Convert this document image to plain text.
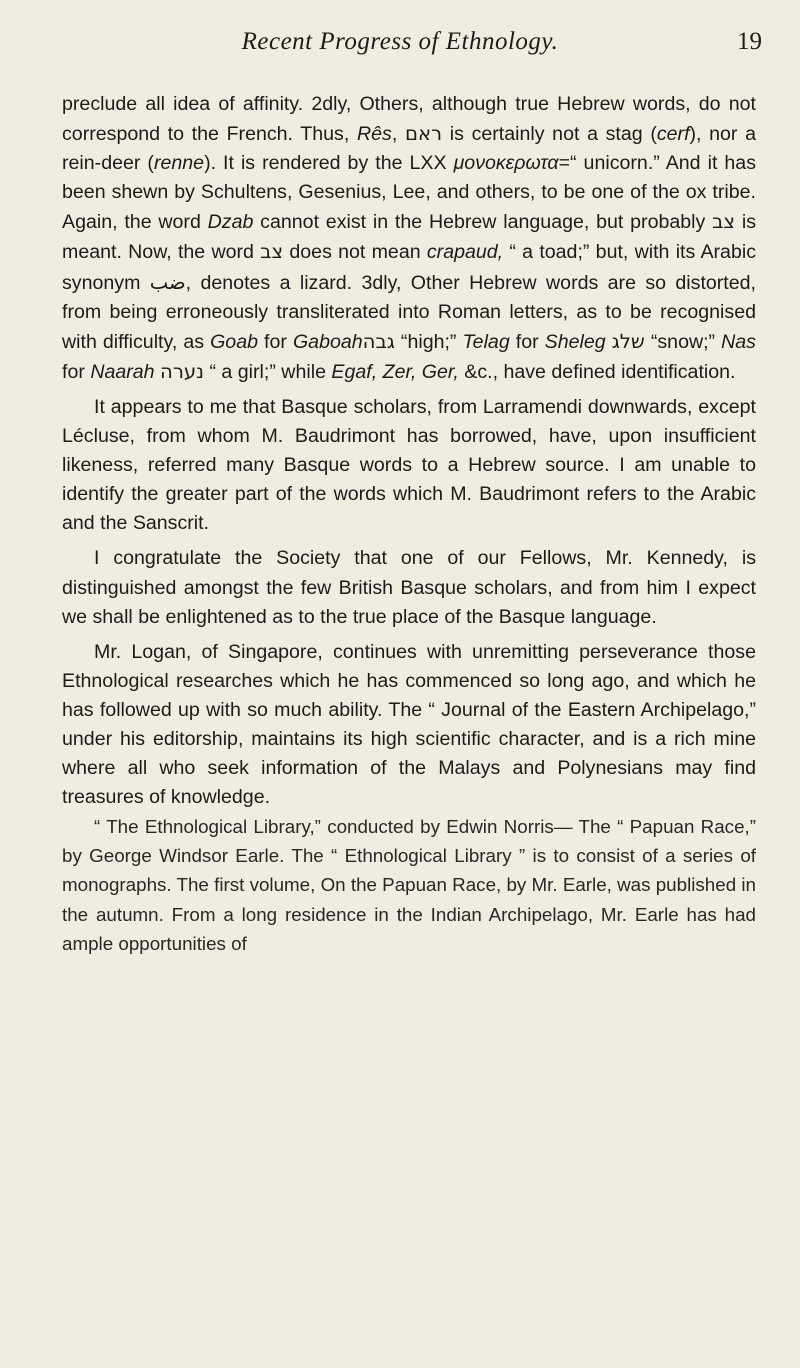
Recent Progress of Ethnology.	19

preclude all idea of affinity. 2dly, Others, although true Hebrew words, do not correspond to the French. Thus, Rês, ראם is certainly not a stag (cerf), nor a rein-deer (renne). It is rendered by the LXX μονοκερωτα=“ unicorn.” And it has been shewn by Schultens, Gesenius, Lee, and others, to be one of the ox tribe. Again, the word Dzab cannot exist in the Hebrew language, but probably צב is meant. Now, the word צב does not mean crapaud, “ a toad;” but, with its Arabic synonym ضب, denotes a lizard. 3dly, Other Hebrew words are so distorted, from being erroneously transliterated into Roman letters, as to be recognised with difficulty, as Goab for Gaboahגבה “high;” Telag for Sheleg שלג “snow;” Nas for Naarah נערה “ a girl;” while Egaf, Zer, Ger, &c., have defined identification.

It appears to me that Basque scholars, from Larramendi downwards, except Lécluse, from whom M. Baudrimont has borrowed, have, upon insufficient likeness, referred many Basque words to a Hebrew source. I am unable to identify the greater part of the words which M. Baudrimont refers to the Arabic and the Sanscrit.

I congratulate the Society that one of our Fellows, Mr. Kennedy, is distinguished amongst the few British Basque scholars, and from him I expect we shall be enlightened as to the true place of the Basque language.

Mr. Logan, of Singapore, continues with unremitting perseverance those Ethnological researches which he has commenced so long ago, and which he has followed up with so much ability. The “ Journal of the Eastern Archipelago,” under his editorship, maintains its high scientific character, and is a rich mine where all who seek information of the Malays and Polynesians may find treasures of knowledge.

“ The Ethnological Library,” conducted by Edwin Norris— The “ Papuan Race,” by George Windsor Earle. The “ Ethnological Library ” is to consist of a series of monographs. The first volume, On the Papuan Race, by Mr. Earle, was published in the autumn. From a long residence in the Indian Archipelago, Mr. Earle has had ample opportunities of
